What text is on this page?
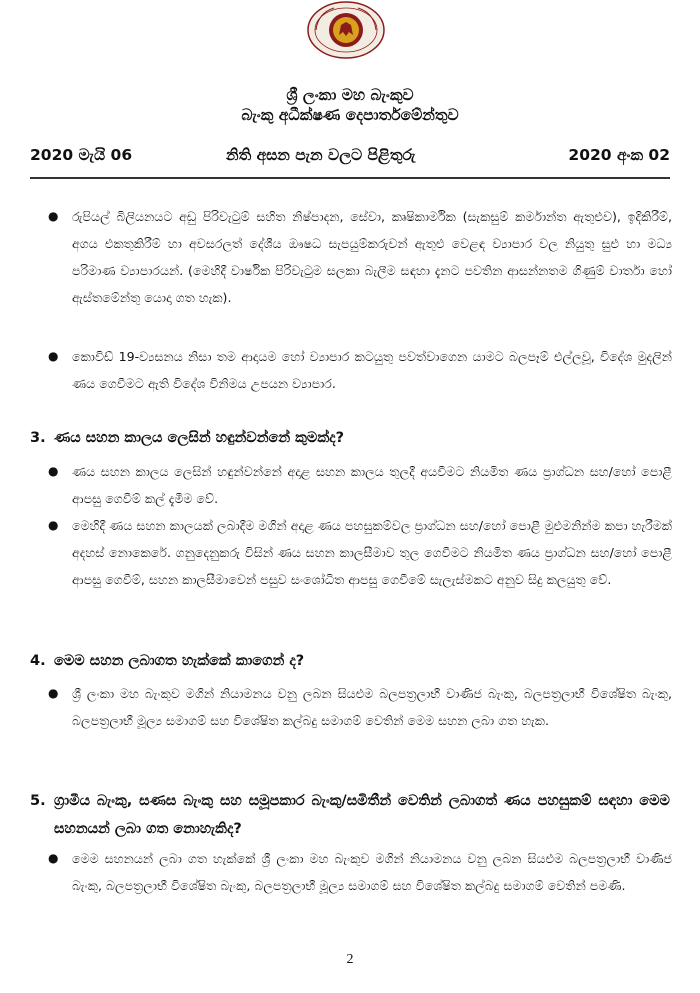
ශ්‍රී ලංකා මහ බැංකුව
බැංකු අධීක්ෂණ දෙපාර්තමේන්තුව
2020 මැයි 06	නිති අසන පැන වලට පිළිතුරු	2020 අංක 02
● රුපියල් බිලියනයට අඩු පිරිවැටුම් සහිත නිෂ්පාදන, සේවා, කෘෂිකාර්මික (සැකසුම් කර්මාන්ත ඇතුළුව), ඉදිකිරීම්, අගය එකතුකිරීම් හා අවසරලත් දේශීය ඖෂධ සැපයුම්කරුවන් ඇතුළු වෙළඳ ව්‍යාපාර වල නියුතු සුළු හා මධ්‍ය පරිමාණ ව්‍යාපාරයන්. (මෙහිදී වාර්ෂික පිරිවැටුම සලකා බැලීම සඳහා දැනට පවතින ආසන්නතම ගිණුම් වාර්තා හෝ ඇස්තමේන්තු යොදා ගත හැක).
● කොවිඩ් 19-ව්‍යසනය නිසා තම ආදායම හෝ ව්‍යාපාර කටයුතු පවත්වාගෙන යාමට බලපෑම් එල්ලවූ, විදේශ මුදලින් ණය ගෙවීමට ඇති විදේශ විනිමය උපයන ව්‍යාපාර.
3. ණය සහන කාලය ලෙසින් හඳුන්වන්නේ කුමක්ද?
● ණය සහන කාලය ලෙසින් හඳුන්වන්නේ අදාළ සහන කාලය තුලදී අයවීමට නියමිත ණය ප්‍රාග්ධන සහ/හෝ පොළී ආපසු ගෙවීම් කල් දැමීම වේ.
● මෙහිදී ණය සහන කාලයක් ලබාදීම මගින් අදාළ ණය පහසුකම්වල ප්‍රාග්ධන සහ/හෝ පොළී මුළුමනින්ම කපා හැරීමක් අදහස් නොකෙරේ. ගනුදෙනුකරු විසින් ණය සහන කාලසීමාව තුල ගෙවීමට නියමිත ණය ප්‍රාග්ධන සහ/හෝ පොළී ආපසු ගෙවීම්, සහන කාලසීමාවෙන් පසුව සංශෝධිත ආපසු ගෙවීමේ සැලැස්මකට අනුව සිදු කලයුතු වේ.
4. මෙම සහන ලබාගත හැක්කේ කාගෙන් ද?
● ශ්‍රී ලංකා මහ බැංකුව මගින් නියාමනය වනු ලබන සියළුම බලපත්‍රලාභී වාණිජ බැංකු, බලපත්‍රලාභී විශේෂිත බැංකු, බලපත්‍රලාභී මූල්‍ය සමාගම් සහ විශේෂිත කල්බදු සමාගම් වෙතින් මෙම සහන ලබා ගත හැක.
5. ග්‍රාමීය බැංකු, සණස බැංකු සහ සමූපකාර බැංකු/සමිතීන් වෙතින් ලබාගත් ණය පහසුකම් සඳහා මෙම සහනයන් ලබා ගත නොහැකිද?
● මෙම සහනයන් ලබා ගත හැක්කේ ශ්‍රී ලංකා මහ බැංකුව මගින් නියාමනය වනු ලබන සියළුම බලපත්‍රලාභී වාණිජ බැංකු, බලපත්‍රලාභී විශේෂිත බැංකු, බලපත්‍රලාභී මූල්‍ය සමාගම් සහ විශේෂිත කල්බදු සමාගම් වෙතින් පමණි.
2
